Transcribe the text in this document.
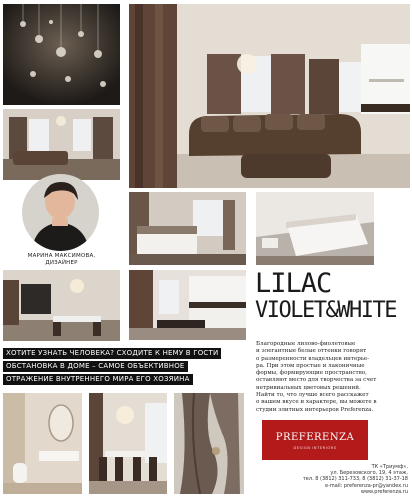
МАРИНА МАКСИМОВА,
ДИЗАЙНЕР
LILAC
VIOLET&WHITE
ХОТИТЕ УЗНАТЬ ЧЕЛОВЕКА? СХОДИТЕ К НЕМУ В ГОСТИ
ОБСТАНОВКА В ДОМЕ – САМОЕ ОБЪЕКТИВНОЕ
ОТРАЖЕНИЕ ВНУТРЕННЕГО МИРА ЕГО ХОЗЯИНА
Благородные лилово-фиолетовые
и элегантные белые оттенки говорят
о размеренности владельцев интерье-
ра. При этом простые и лаконичные
формы, формирующие пространство,
оставляют место для творчества за счет
нетривиальных цветовых решений.
Найти то, что лучше всего расскажет
о вашем вкусе и характере, вы можете в
студии элитных интерьеров Preferenza.
PREFERENZA
DESIGN INTERIORS
ТК «Триумф»,
ул. Березовского, 19, 4 этаж,
тел. 8 (3812) 311-733, 8 (3812) 31-37-18
e-mail: preferenza-pr@yandex.ru
www.preferenza.ru
